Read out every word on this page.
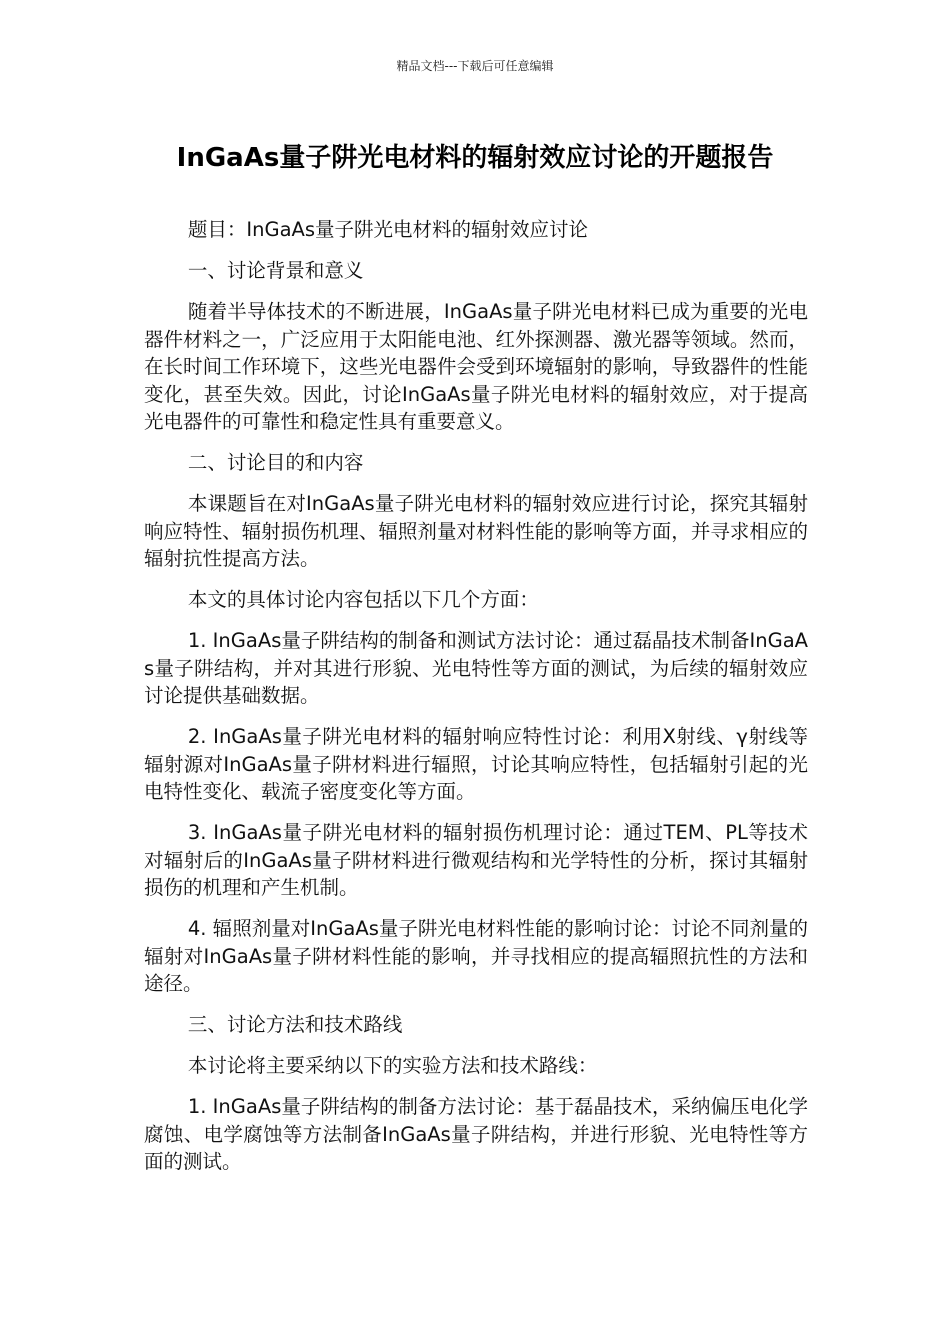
精品文档---下载后可任意编辑
InGaAs量子阱光电材料的辐射效应讨论的开题报告

题目：InGaAs量子阱光电材料的辐射效应讨论

一、讨论背景和意义

随着半导体技术的不断进展，InGaAs量子阱光电材料已成为重要的光电器件材料之一，广泛应用于太阳能电池、红外探测器、激光器等领域。然而，在长时间工作环境下，这些光电器件会受到环境辐射的影响，导致器件的性能变化，甚至失效。因此，讨论InGaAs量子阱光电材料的辐射效应，对于提高光电器件的可靠性和稳定性具有重要意义。

二、讨论目的和内容

本课题旨在对InGaAs量子阱光电材料的辐射效应进行讨论，探究其辐射响应特性、辐射损伤机理、辐照剂量对材料性能的影响等方面，并寻求相应的辐射抗性提高方法。

本文的具体讨论内容包括以下几个方面：

1. InGaAs量子阱结构的制备和测试方法讨论：通过磊晶技术制备InGaAs量子阱结构，并对其进行形貌、光电特性等方面的测试，为后续的辐射效应讨论提供基础数据。

2. InGaAs量子阱光电材料的辐射响应特性讨论：利用X射线、γ射线等辐射源对InGaAs量子阱材料进行辐照，讨论其响应特性，包括辐射引起的光电特性变化、载流子密度变化等方面。

3. InGaAs量子阱光电材料的辐射损伤机理讨论：通过TEM、PL等技术对辐射后的InGaAs量子阱材料进行微观结构和光学特性的分析，探讨其辐射损伤的机理和产生机制。

4. 辐照剂量对InGaAs量子阱光电材料性能的影响讨论：讨论不同剂量的辐射对InGaAs量子阱材料性能的影响，并寻找相应的提高辐照抗性的方法和途径。

三、讨论方法和技术路线

本讨论将主要采纳以下的实验方法和技术路线：

1. InGaAs量子阱结构的制备方法讨论：基于磊晶技术，采纳偏压电化学腐蚀、电学腐蚀等方法制备InGaAs量子阱结构，并进行形貌、光电特性等方面的测试。
